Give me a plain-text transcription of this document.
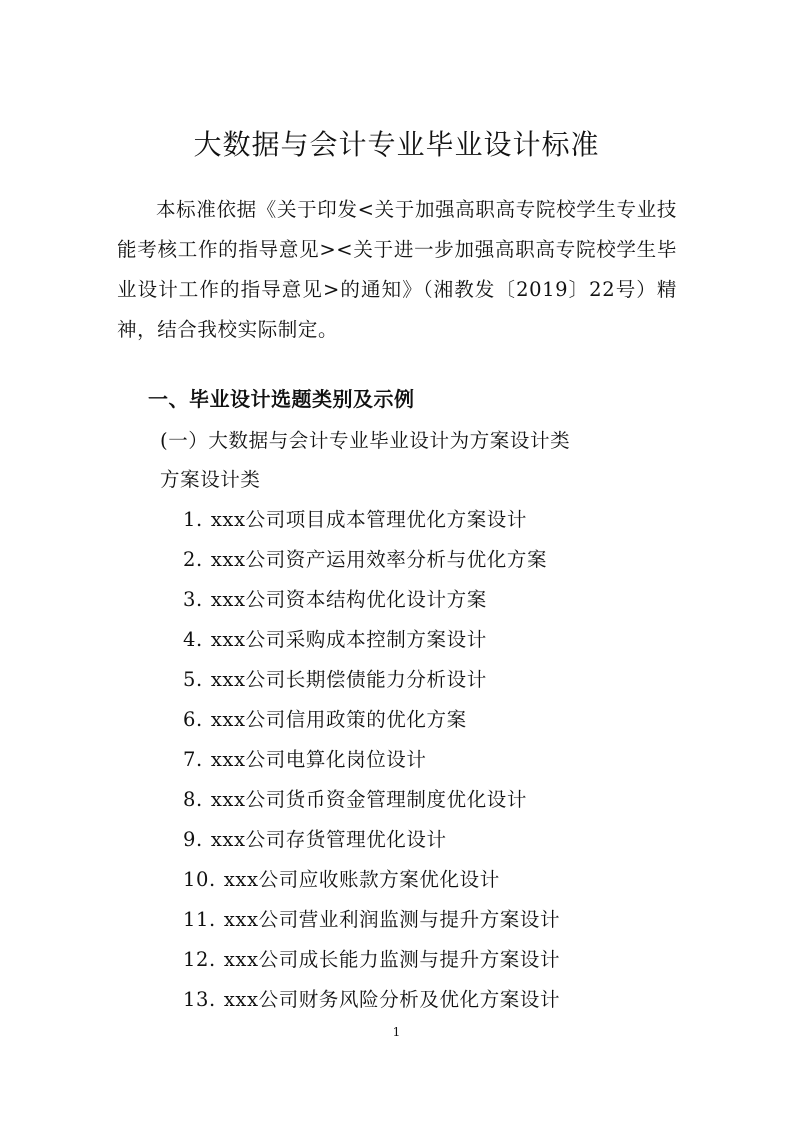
大数据与会计专业毕业设计标准

本标准依据《关于印发<关于加强高职高专院校学生专业技能考核工作的指导意见><关于进一步加强高职高专院校学生毕业设计工作的指导意见>的通知》（湘教发〔2019〕22号）精神，结合我校实际制定。

一、毕业设计选题类别及示例

(一）大数据与会计专业毕业设计为方案设计类

方案设计类

1. xxx公司项目成本管理优化方案设计
2. xxx公司资产运用效率分析与优化方案
3. xxx公司资本结构优化设计方案
4. xxx公司采购成本控制方案设计
5. xxx公司长期偿债能力分析设计
6. xxx公司信用政策的优化方案
7. xxx公司电算化岗位设计
8. xxx公司货币资金管理制度优化设计
9. xxx公司存货管理优化设计
10. xxx公司应收账款方案优化设计
11. xxx公司营业利润监测与提升方案设计
12. xxx公司成长能力监测与提升方案设计
13. xxx公司财务风险分析及优化方案设计
1
